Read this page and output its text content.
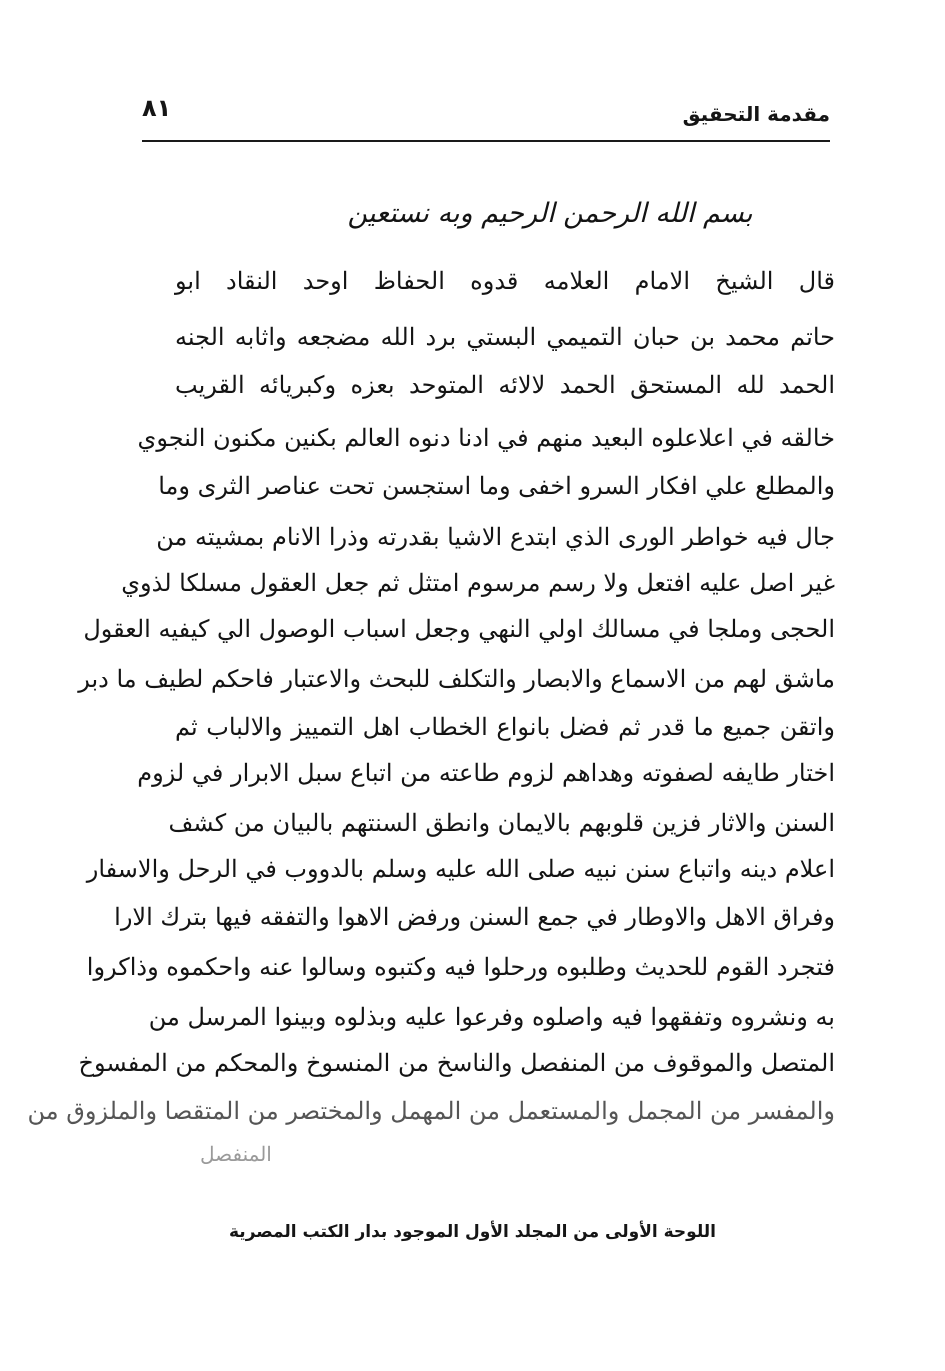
مقدمة التحقيق
٨١
بسم الله الرحمن الرحيم وبه نستعين
قال الشيخ الامام العلامه قدوه الحفاظ اوحد النقاد ابو
حاتم محمد بن حبان التميمي البستي برد الله مضجعه واثابه الجنه
الحمد لله المستحق الحمد لالائه المتوحد بعزه وكبريائه القريب
خالقه في اعلاعلوه البعيد منهم في ادنا دنوه العالم بكنين مكنون النجوي
والمطلع علي افكار السرو اخفى وما استجسن تحت عناصر الثرى وما
جال فيه خواطر الورى الذي ابتدع الاشيا بقدرته وذرا الانام بمشيته من
غير اصل عليه افتعل ولا رسم مرسوم امتثل ثم جعل العقول مسلكا لذوي
الحجى وملجا في مسالك اولي النهي وجعل اسباب الوصول الي كيفيه العقول
ماشق لهم من الاسماع والابصار والتكلف للبحث والاعتبار فاحكم لطيف ما دبر
واتقن جميع ما قدر ثم فضل بانواع الخطاب اهل التمييز والالباب ثم
اختار طايفه لصفوته وهداهم لزوم طاعته من اتباع سبل الابرار في لزوم
السنن والاثار فزين قلوبهم بالايمان وانطق السنتهم بالبيان من كشف
اعلام دينه واتباع سنن نبيه صلى الله عليه وسلم بالدووب في الرحل والاسفار
وفراق الاهل والاوطار في جمع السنن ورفض الاهوا والتفقه فيها بترك الارا
فتجرد القوم للحديث وطلبوه ورحلوا فيه وكتبوه وسالوا عنه واحكموه وذاكروا
به ونشروه وتفقهوا فيه واصلوه وفرعوا عليه وبذلوه وبينوا المرسل من
المتصل والموقوف من المنفصل والناسخ من المنسوخ والمحكم من المفسوخ
والمفسر من المجمل والمستعمل من المهمل والمختصر من المتقصا والملزوق من
المنفصل
اللوحة الأولى من المجلد الأول الموجود بدار الكتب المصرية
